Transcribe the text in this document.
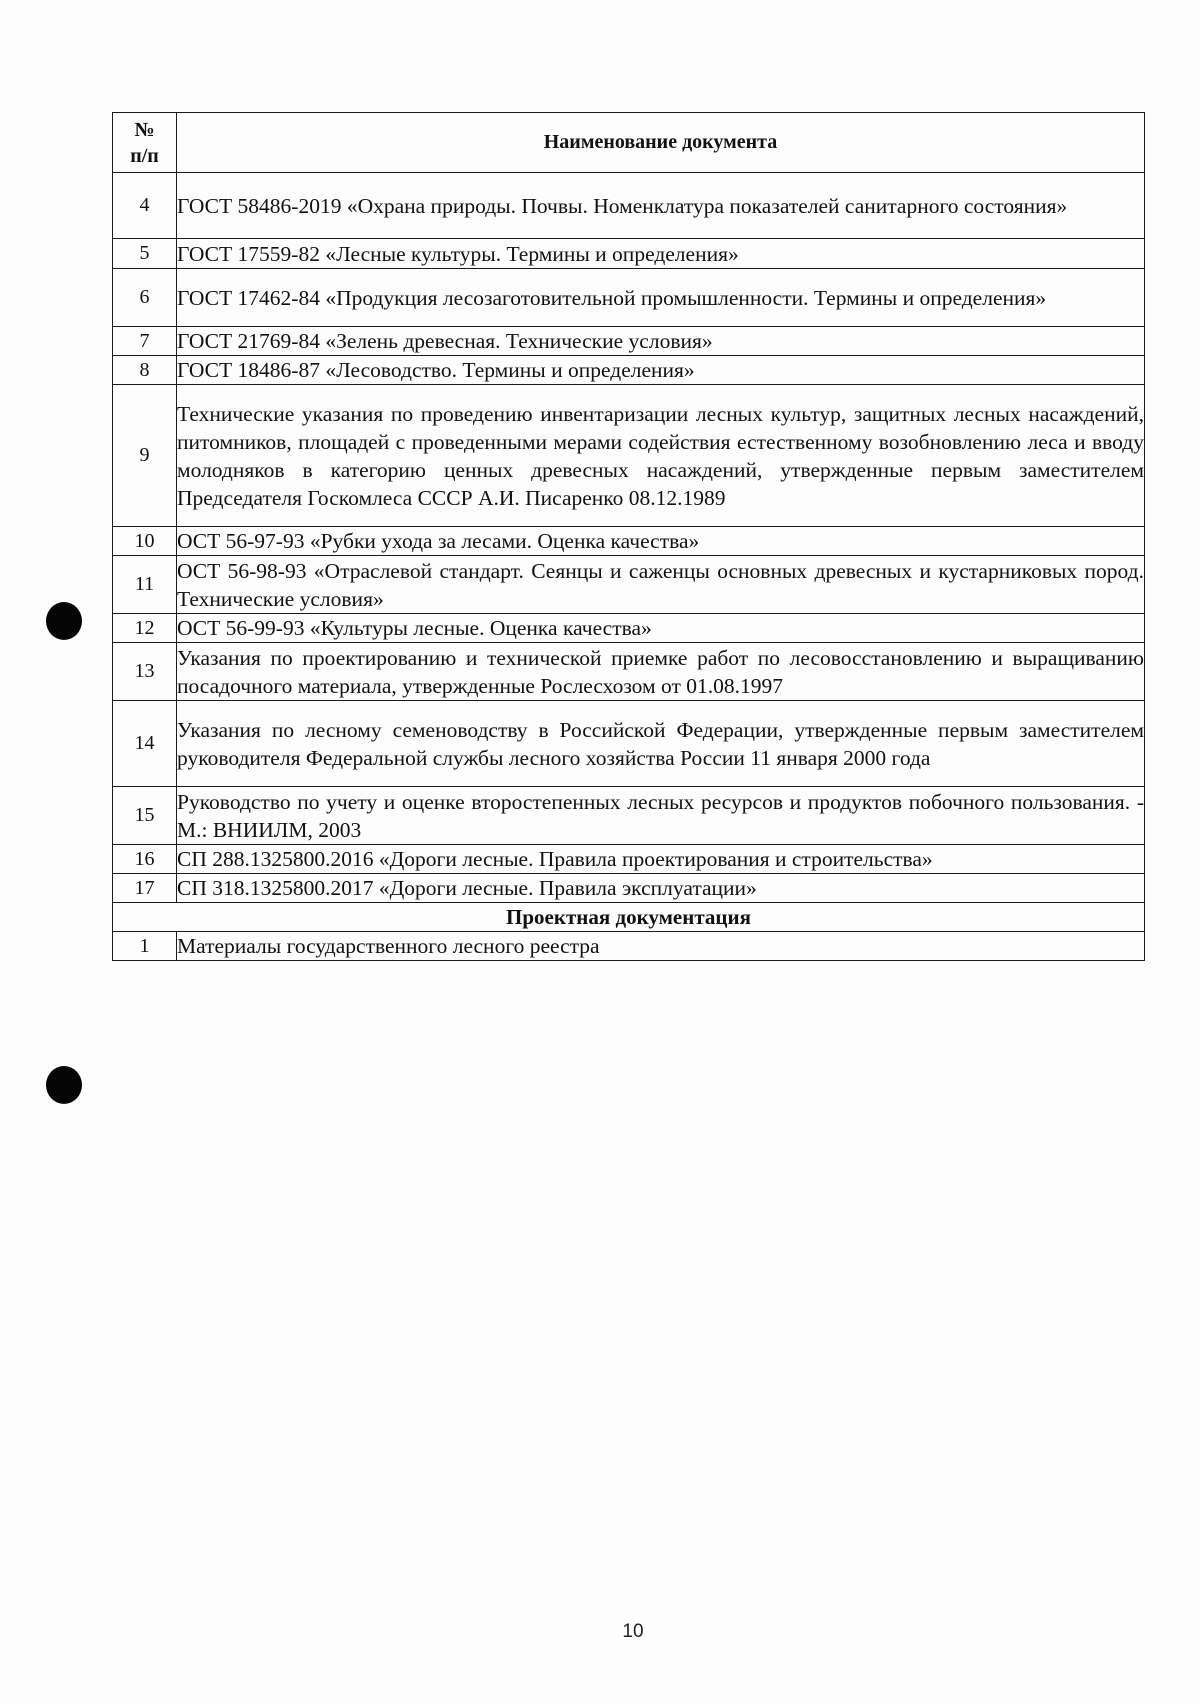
№
п/п	Наименование документа
4	ГОСТ 58486-2019 «Охрана природы. Почвы. Номенклатура показателей санитарного состояния»
5	ГОСТ 17559-82 «Лесные культуры. Термины и определения»
6	ГОСТ 17462-84 «Продукция лесозаготовительной промышленности. Термины и определения»
7	ГОСТ 21769-84 «Зелень древесная. Технические условия»
8	ГОСТ 18486-87 «Лесоводство. Термины и определения»
9	Технические указания по проведению инвентаризации лесных культур, защитных лесных насаждений, питомников, площадей с проведенными мерами содействия естественному возобновлению леса и вводу молодняков в категорию ценных древесных насаждений, утвержденные первым заместителем Председателя Госкомлеса СССР А.И. Писаренко 08.12.1989
10	ОСТ 56-97-93 «Рубки ухода за лесами. Оценка качества»
11	ОСТ 56-98-93 «Отраслевой стандарт. Сеянцы и саженцы основных древесных и кустарниковых пород. Технические условия»
12	ОСТ 56-99-93 «Культуры лесные. Оценка качества»
13	Указания по проектированию и технической приемке работ по лесовосстановлению и выращиванию посадочного материала, утвержденные Рослесхозом от 01.08.1997
14	Указания по лесному семеноводству в Российской Федерации, утвержденные первым заместителем руководителя Федеральной службы лесного хозяйства России 11 января 2000 года
15	Руководство по учету и оценке второстепенных лесных ресурсов и продуктов побочного пользования. - М.: ВНИИЛМ, 2003
16	СП 288.1325800.2016 «Дороги лесные. Правила проектирования и строительства»
17	СП 318.1325800.2017 «Дороги лесные. Правила эксплуатации»
Проектная документация	
1	Материалы государственного лесного реестра
10
